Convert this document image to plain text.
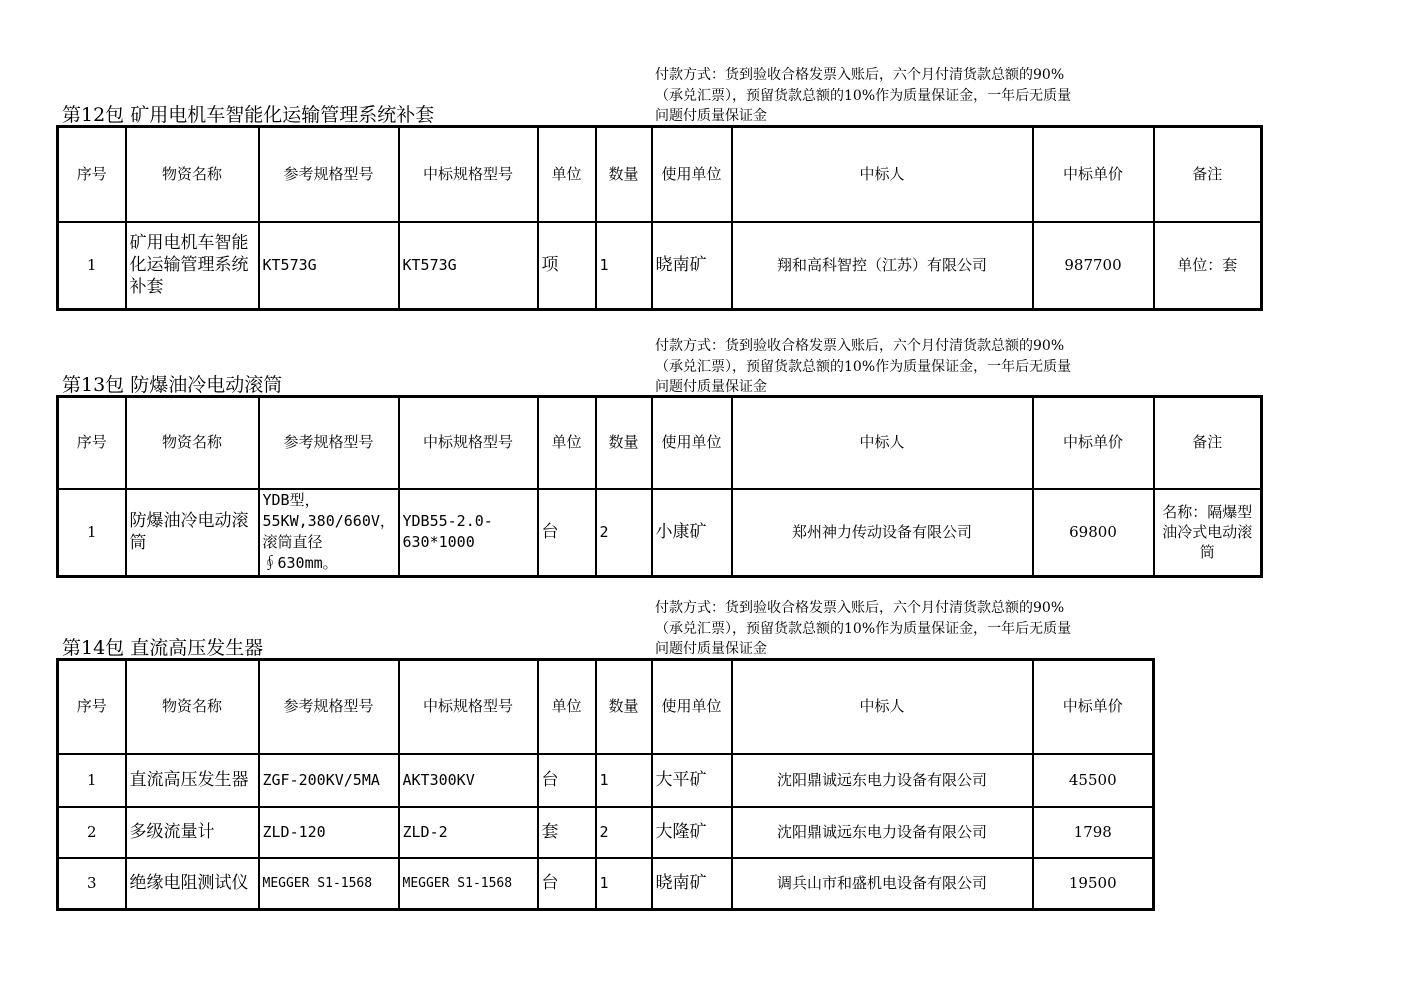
付款方式：货到验收合格发票入账后，六个月付清货款总额的90%
（承兑汇票），预留货款总额的10%作为质量保证金，一年后无质量
问题付质量保证金
第12包 矿用电机车智能化运输管理系统补套
序号	物资名称	参考规格型号	中标规格型号	单位	数量	使用单位	中标人	中标单价	备注
1	矿用电机车智能化运输管理系统补套	KT573G	KT573G	项	1	晓南矿	翔和高科智控（江苏）有限公司	987700	单位：套
付款方式：货到验收合格发票入账后，六个月付清货款总额的90%
（承兑汇票），预留货款总额的10%作为质量保证金，一年后无质量
问题付质量保证金
第13包 防爆油冷电动滚筒
序号	物资名称	参考规格型号	中标规格型号	单位	数量	使用单位	中标人	中标单价	备注
1	防爆油冷电动滚筒	YDB型，55KW,380/660V，滚筒直径∮630mm。	YDB55-2.0-630*1000	台	2	小康矿	郑州神力传动设备有限公司	69800	名称：隔爆型油冷式电动滚筒
付款方式：货到验收合格发票入账后，六个月付清货款总额的90%
（承兑汇票），预留货款总额的10%作为质量保证金，一年后无质量
问题付质量保证金
第14包 直流高压发生器
序号	物资名称	参考规格型号	中标规格型号	单位	数量	使用单位	中标人	中标单价
1	直流高压发生器	ZGF-200KV/5MA	AKT300KV	台	1	大平矿	沈阳鼎诚远东电力设备有限公司	45500
2	多级流量计	ZLD-120	ZLD-2	套	2	大隆矿	沈阳鼎诚远东电力设备有限公司	1798
3	绝缘电阻测试仪	MEGGER S1-1568	MEGGER S1-1568	台	1	晓南矿	调兵山市和盛机电设备有限公司	19500
